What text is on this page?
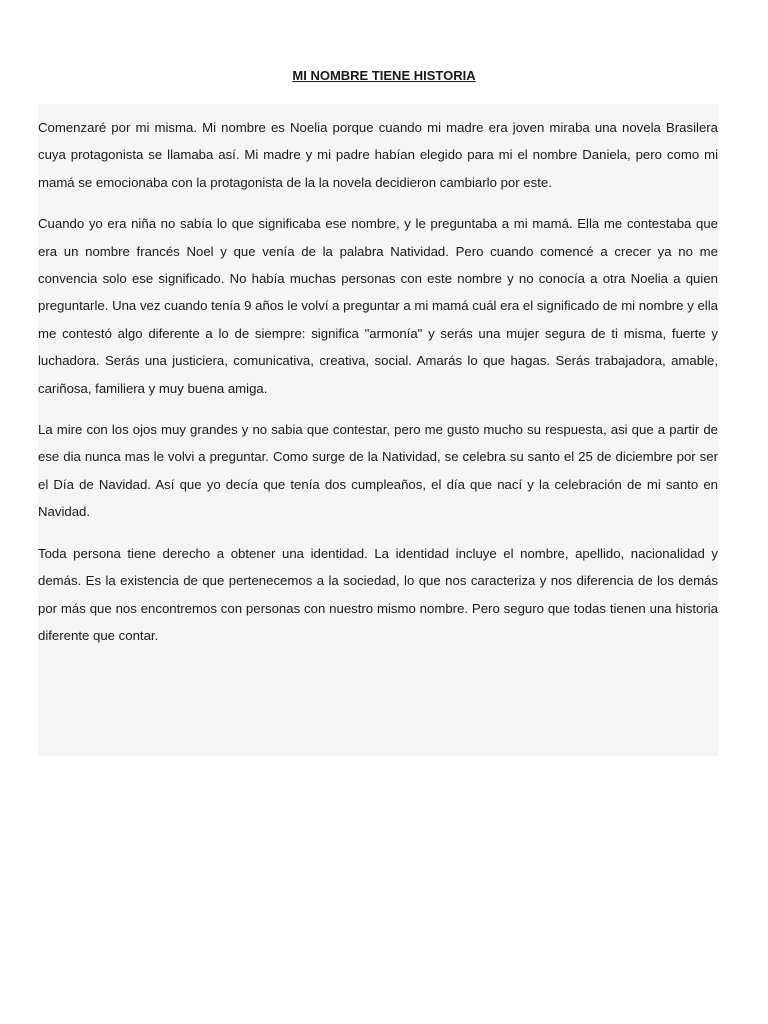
MI NOMBRE TIENE HISTORIA

Comenzaré por mi misma. Mi nombre es Noelia porque cuando mi madre era joven miraba una novela Brasilera cuya protagonista se llamaba así. Mi madre y mi padre habían elegido para mi el nombre Daniela, pero como mi mamá se emocionaba con la protagonista de la la novela decidieron cambiarlo por este.

Cuando yo era niña no sabía lo que significaba ese nombre, y le preguntaba a mi mamá. Ella me contestaba que era un nombre francés Noel y que venía de la palabra Natividad. Pero cuando comencé a crecer ya no me convencia solo ese significado. No había muchas personas con este nombre y no conocía a otra Noelia a quien preguntarle. Una vez cuando tenía 9 años le volví a preguntar a mi mamá cuál era el significado de mi nombre y ella me contestó algo diferente a lo de siempre: significa "armonía" y serás una mujer segura de ti misma, fuerte y luchadora. Serás una justiciera, comunicativa, creativa, social. Amarás lo que hagas. Serás trabajadora, amable, cariñosa, familiera y muy buena amiga.

La mire con los ojos muy grandes y no sabia que contestar, pero me gusto mucho su respuesta, asi que a partir de ese dia nunca mas le volvi a preguntar. Como surge de la Natividad, se celebra su santo el 25 de diciembre por ser el Día de Navidad. Así que yo decía que tenía dos cumpleaños, el día que nací y la celebración de mi santo en Navidad.

Toda persona tiene derecho a obtener una identidad. La identidad incluye el nombre, apellido, nacionalidad y demás. Es la existencia de que pertenecemos a la sociedad, lo que nos caracteriza y nos diferencia de los demás por más que nos encontremos con personas con nuestro mismo nombre. Pero seguro que todas tienen una historia diferente que contar.
